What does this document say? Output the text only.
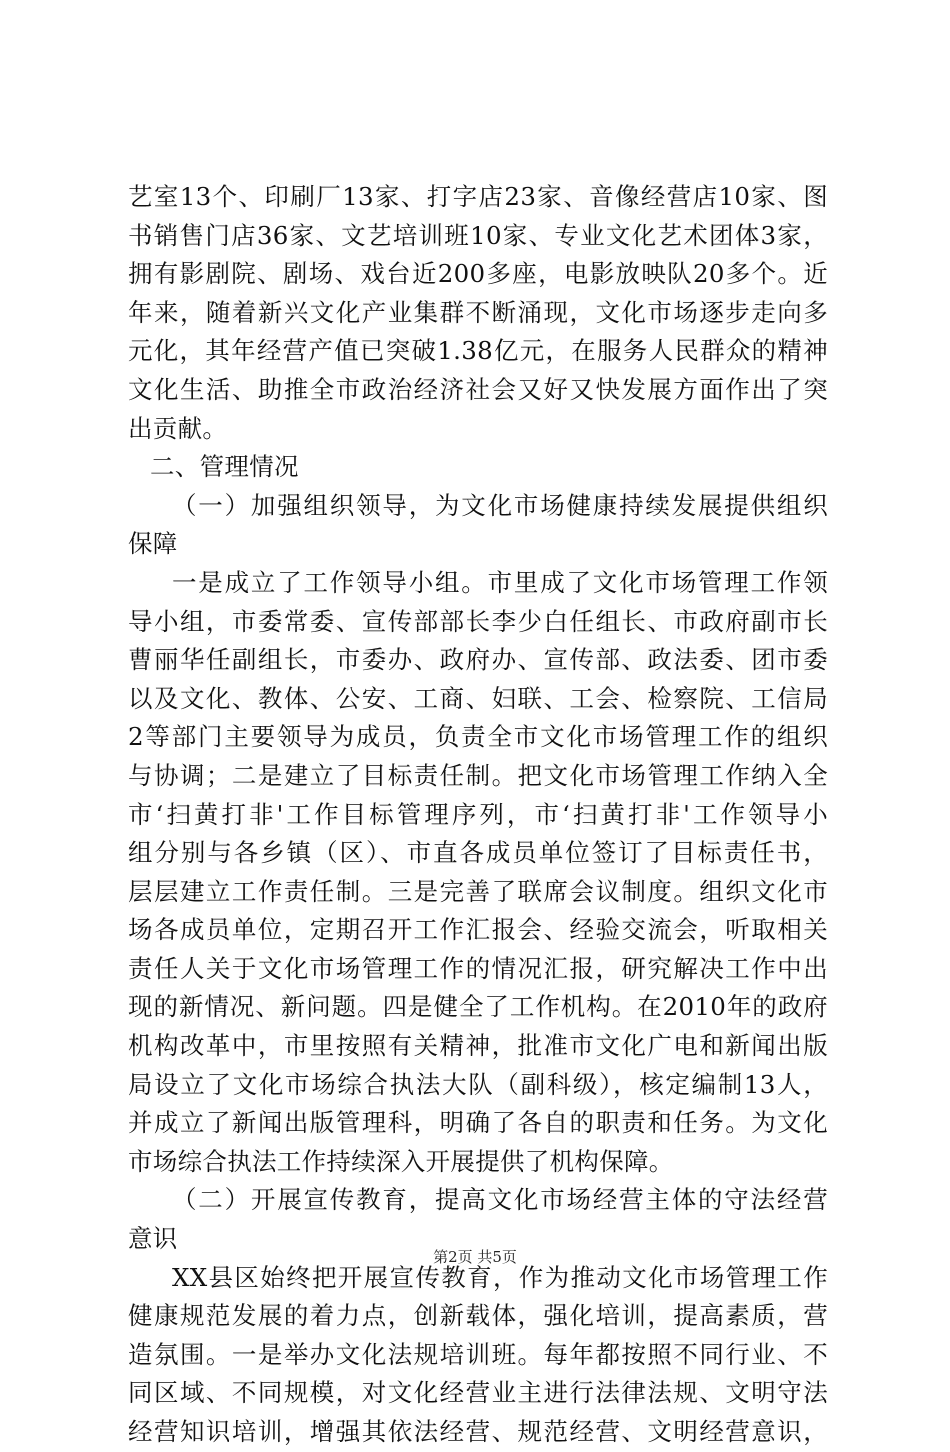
艺室13个、印刷厂13家、打字店23家、音像经营店10家、图
书销售门店36家、文艺培训班10家、专业文化艺术团体3家，
拥有影剧院、剧场、戏台近200多座，电影放映队20多个。近
年来，随着新兴文化产业集群不断涌现，文化市场逐步走向多
元化，其年经营产值已突破1.38亿元，在服务人民群众的精神
文化生活、助推全市政治经济社会又好又快发展方面作出了突
出贡献。
二、管理情况
（一）加强组织领导，为文化市场健康持续发展提供组织
保障
一是成立了工作领导小组。市里成了文化市场管理工作领
导小组，市委常委、宣传部部长李少白任组长、市政府副市长
曹丽华任副组长，市委办、政府办、宣传部、政法委、团市委
以及文化、教体、公安、工商、妇联、工会、检察院、工信局
2等部门主要领导为成员，负责全市文化市场管理工作的组织
与协调；二是建立了目标责任制。把文化市场管理工作纳入全
市‘扫黄打非'工作目标管理序列，市‘扫黄打非'工作领导小
组分别与各乡镇（区）、市直各成员单位签订了目标责任书，
层层建立工作责任制。三是完善了联席会议制度。组织文化市
场各成员单位，定期召开工作汇报会、经验交流会，听取相关
责任人关于文化市场管理工作的情况汇报，研究解决工作中出
现的新情况、新问题。四是健全了工作机构。在2010年的政府
机构改革中，市里按照有关精神，批准市文化广电和新闻出版
局设立了文化市场综合执法大队（副科级），核定编制13人，
并成立了新闻出版管理科，明确了各自的职责和任务。为文化
市场综合执法工作持续深入开展提供了机构保障。
（二）开展宣传教育，提高文化市场经营主体的守法经营
意识
XX县区始终把开展宣传教育，作为推动文化市场管理工作
健康规范发展的着力点，创新载体，强化培训，提高素质，营
造氛围。一是举办文化法规培训班。每年都按照不同行业、不
同区域、不同规模，对文化经营业主进行法律法规、文明守法
经营知识培训，增强其依法经营、规范经营、文明经营意识，
第2页 共5页
